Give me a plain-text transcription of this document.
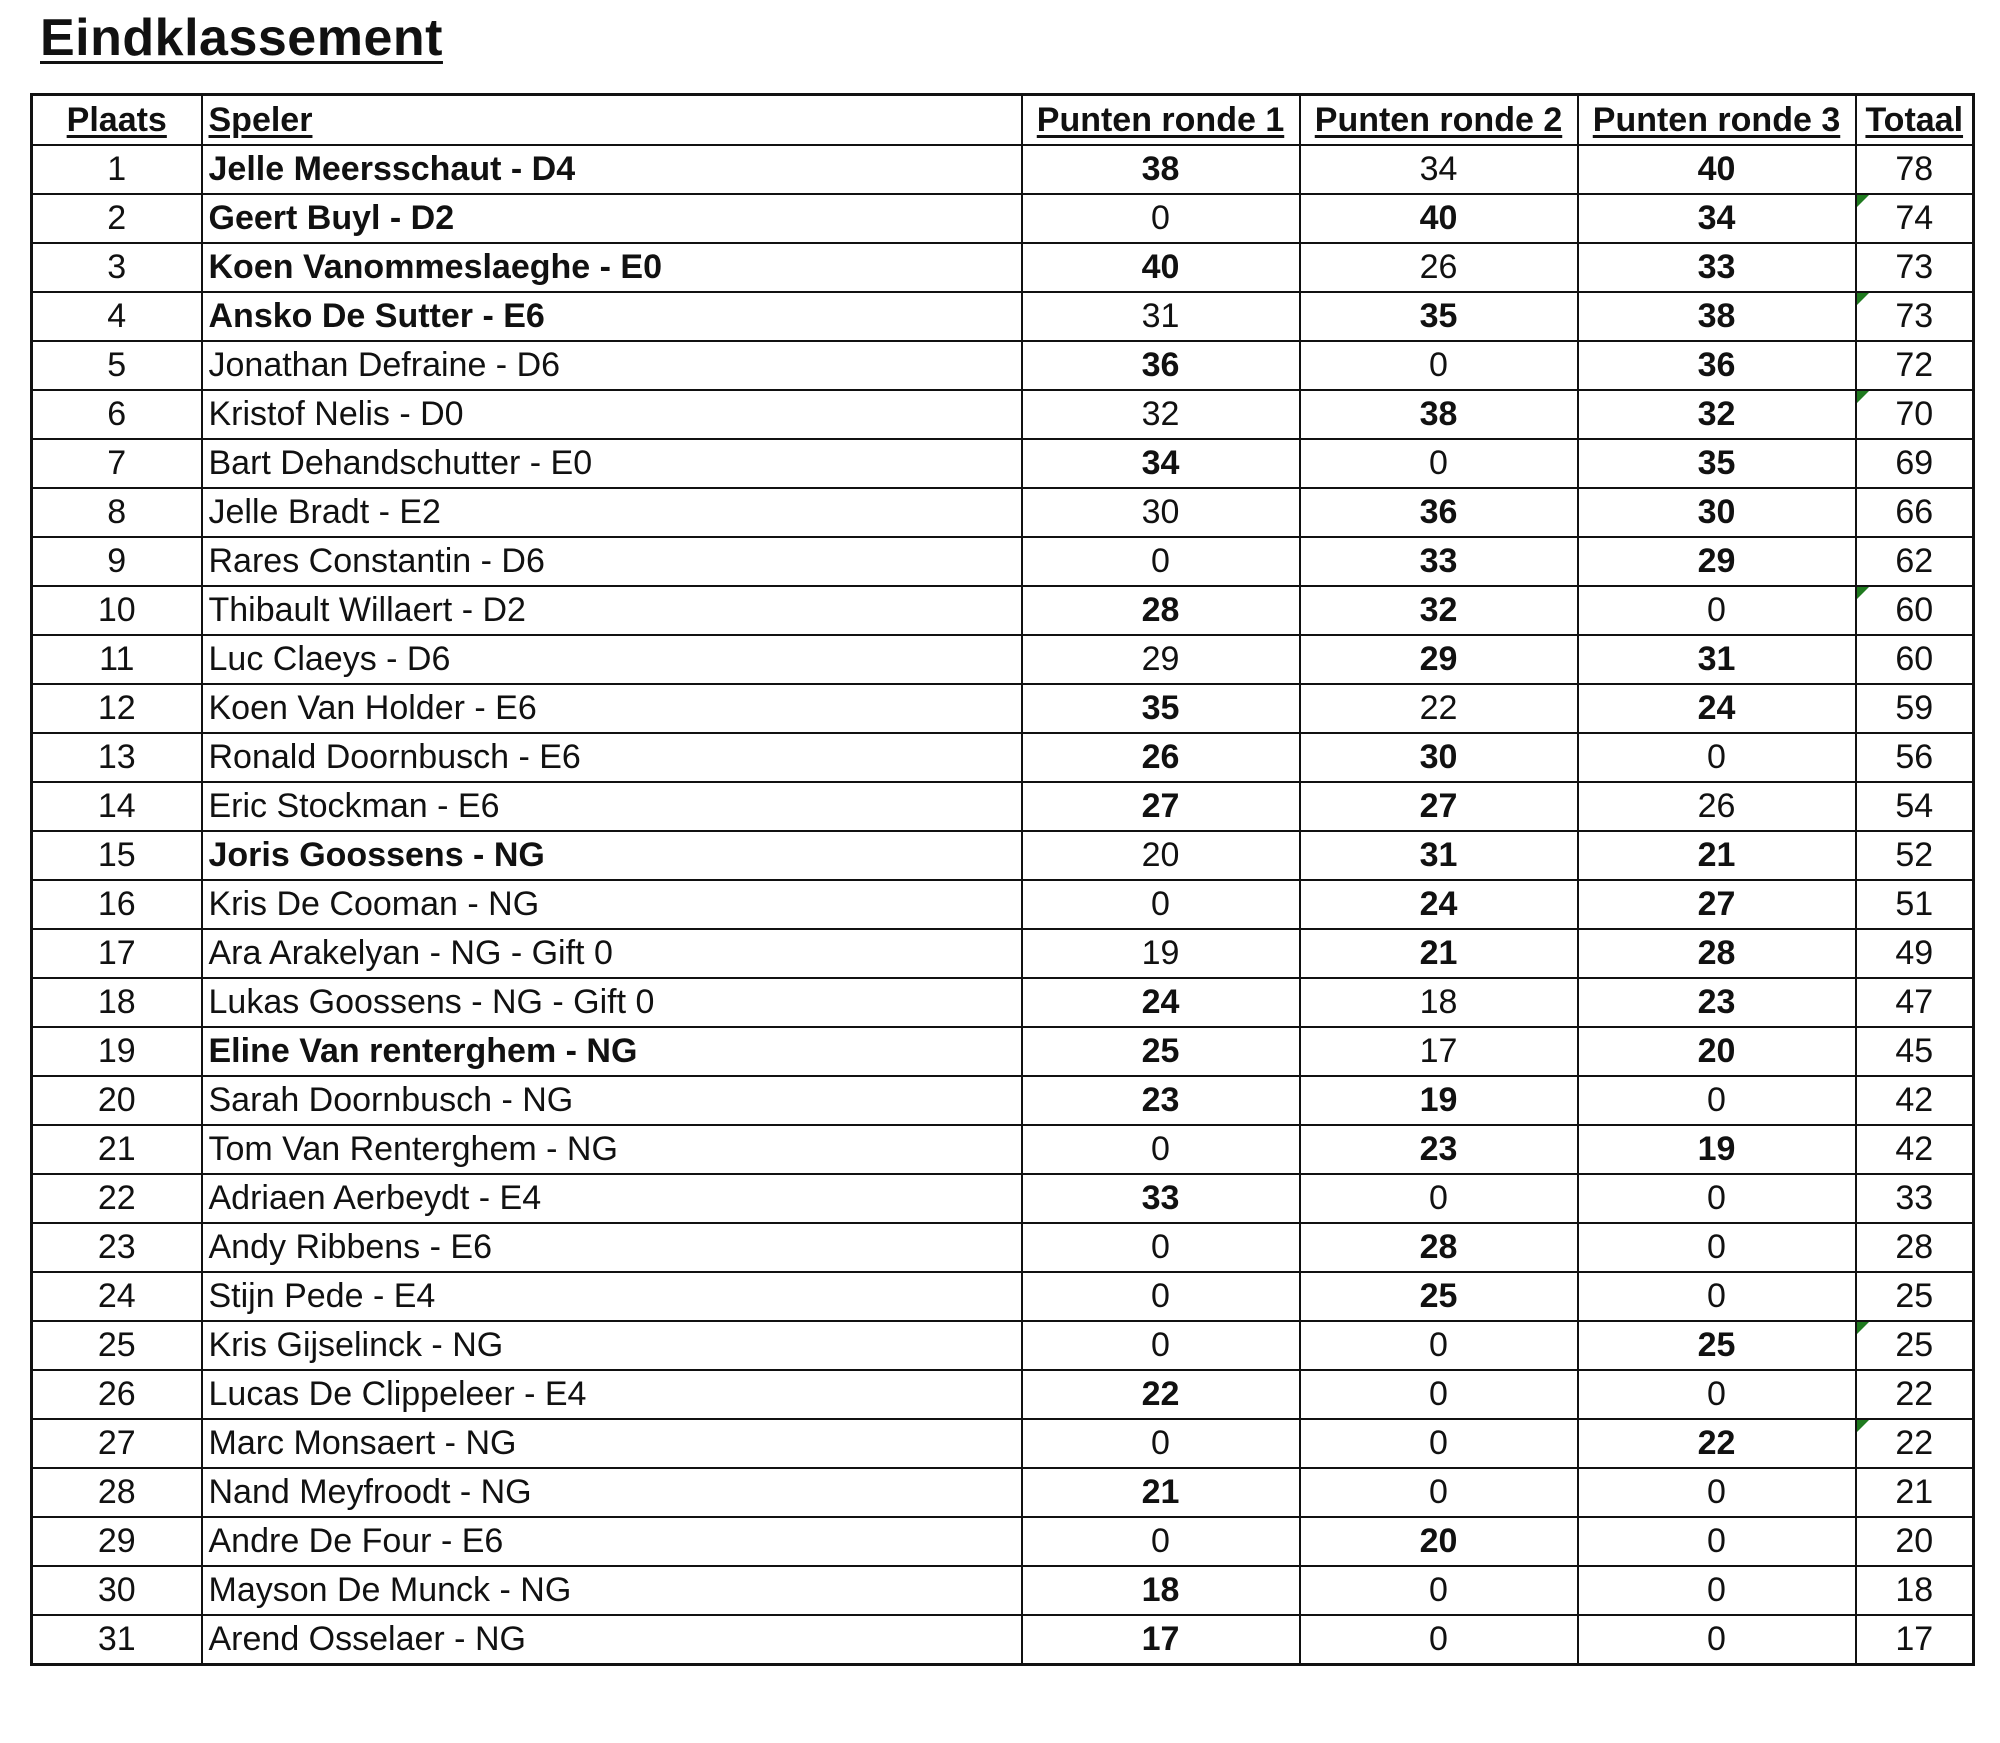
Eindklassement
Plaats	Speler	Punten ronde 1	Punten ronde 2	Punten ronde 3	Totaal
1	Jelle Meersschaut - D4	38	34	40	78
2	Geert Buyl - D2	0	40	34	74
3	Koen Vanommeslaeghe - E0	40	26	33	73
4	Ansko De Sutter - E6	31	35	38	73
5	Jonathan Defraine - D6	36	0	36	72
6	Kristof Nelis - D0	32	38	32	70
7	Bart Dehandschutter - E0	34	0	35	69
8	Jelle Bradt - E2	30	36	30	66
9	Rares Constantin - D6	0	33	29	62
10	Thibault Willaert - D2	28	32	0	60
11	Luc Claeys - D6	29	29	31	60
12	Koen Van Holder - E6	35	22	24	59
13	Ronald Doornbusch - E6	26	30	0	56
14	Eric Stockman - E6	27	27	26	54
15	Joris Goossens - NG	20	31	21	52
16	Kris De Cooman - NG	0	24	27	51
17	Ara Arakelyan - NG - Gift 0	19	21	28	49
18	Lukas Goossens - NG - Gift 0	24	18	23	47
19	Eline Van renterghem - NG	25	17	20	45
20	Sarah Doornbusch - NG	23	19	0	42
21	Tom Van Renterghem - NG	0	23	19	42
22	Adriaen Aerbeydt - E4	33	0	0	33
23	Andy Ribbens - E6	0	28	0	28
24	Stijn Pede - E4	0	25	0	25
25	Kris Gijselinck - NG	0	0	25	25
26	Lucas De Clippeleer - E4	22	0	0	22
27	Marc Monsaert - NG	0	0	22	22
28	Nand Meyfroodt - NG	21	0	0	21
29	Andre De Four - E6	0	20	0	20
30	Mayson De Munck - NG	18	0	0	18
31	Arend Osselaer - NG	17	0	0	17
